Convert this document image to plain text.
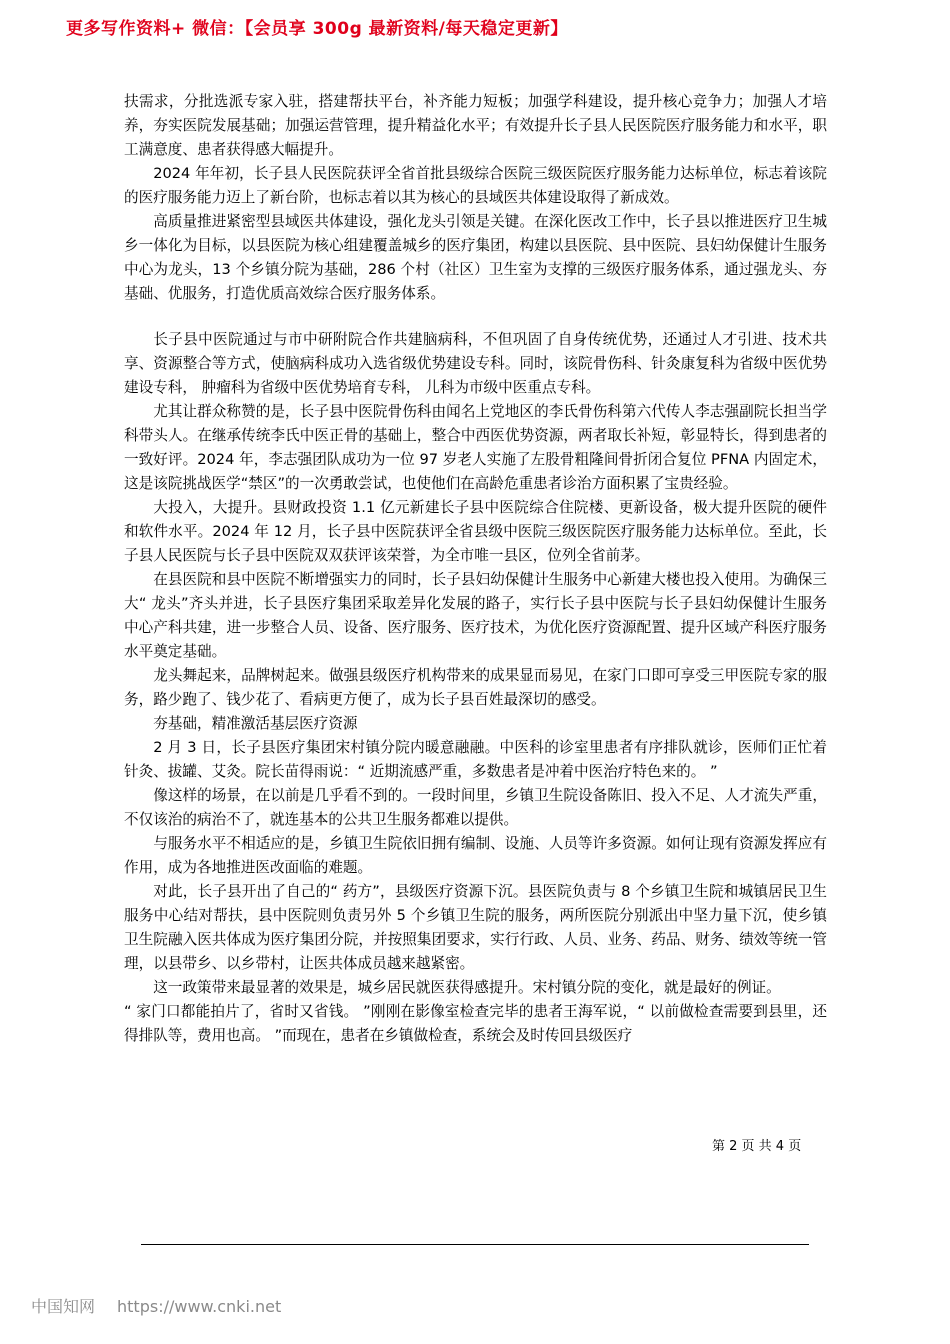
更多写作资料+ 微信：【会员享 300g 最新资料/每天稳定更新】

扶需求，分批选派专家入驻，搭建帮扶平台，补齐能力短板；加强学科建设，提升核心竞争力；加强人才培养，夯实医院发展基础；加强运营管理，提升精益化水平；有效提升长子县人民医院医疗服务能力和水平，职工满意度、患者获得感大幅提升。

2024 年年初，长子县人民医院获评全省首批县级综合医院三级医院医疗服务能力达标单位，标志着该院的医疗服务能力迈上了新台阶，也标志着以其为核心的县域医共体建设取得了新成效。

高质量推进紧密型县域医共体建设，强化龙头引领是关键。在深化医改工作中，长子县以推进医疗卫生城乡一体化为目标，以县医院为核心组建覆盖城乡的医疗集团，构建以县医院、县中医院、县妇幼保健计生服务中心为龙头，13 个乡镇分院为基础，286 个村（社区）卫生室为支撑的三级医疗服务体系，通过强龙头、夯基础、优服务，打造优质高效综合医疗服务体系。

长子县中医院通过与市中研附院合作共建脑病科，不但巩固了自身传统优势，还通过人才引进、技术共享、资源整合等方式，使脑病科成功入选省级优势建设专科。同时，该院骨伤科、针灸康复科为省级中医优势建设专科， 肿瘤科为省级中医优势培育专科， 儿科为市级中医重点专科。

尤其让群众称赞的是，长子县中医院骨伤科由闻名上党地区的李氏骨伤科第六代传人李志强副院长担当学科带头人。在继承传统李氏中医正骨的基础上，整合中西医优势资源，两者取长补短，彰显特长，得到患者的一致好评。2024 年，李志强团队成功为一位 97 岁老人实施了左股骨粗隆间骨折闭合复位 PFNA 内固定术，这是该院挑战医学“禁区”的一次勇敢尝试，也使他们在高龄危重患者诊治方面积累了宝贵经验。

大投入，大提升。县财政投资 1.1 亿元新建长子县中医院综合住院楼、更新设备，极大提升医院的硬件和软件水平。2024 年 12 月，长子县中医院获评全省县级中医院三级医院医疗服务能力达标单位。至此，长子县人民医院与长子县中医院双双获评该荣誉，为全市唯一县区，位列全省前茅。

在县医院和县中医院不断增强实力的同时，长子县妇幼保健计生服务中心新建大楼也投入使用。为确保三大“ 龙头”齐头并进，长子县医疗集团采取差异化发展的路子，实行长子县中医院与长子县妇幼保健计生服务中心产科共建，进一步整合人员、设备、医疗服务、医疗技术，为优化医疗资源配置、提升区域产科医疗服务水平奠定基础。

龙头舞起来，品牌树起来。做强县级医疗机构带来的成果显而易见，在家门口即可享受三甲医院专家的服务，路少跑了、钱少花了、看病更方便了，成为长子县百姓最深切的感受。

夯基础，精准激活基层医疗资源

2 月 3 日，长子县医疗集团宋村镇分院内暖意融融。中医科的诊室里患者有序排队就诊，医师们正忙着针灸、拔罐、艾灸。院长苗得雨说：“ 近期流感严重，多数患者是冲着中医治疗特色来的。 ”

像这样的场景，在以前是几乎看不到的。一段时间里，乡镇卫生院设备陈旧、投入不足、人才流失严重，不仅该治的病治不了，就连基本的公共卫生服务都难以提供。

与服务水平不相适应的是，乡镇卫生院依旧拥有编制、设施、人员等许多资源。如何让现有资源发挥应有作用，成为各地推进医改面临的难题。

对此，长子县开出了自己的“ 药方”，县级医疗资源下沉。县医院负责与 8 个乡镇卫生院和城镇居民卫生服务中心结对帮扶，县中医院则负责另外 5 个乡镇卫生院的服务，两所医院分别派出中坚力量下沉，使乡镇卫生院融入医共体成为医疗集团分院，并按照集团要求，实行行政、人员、业务、药品、财务、绩效等统一管理，以县带乡、以乡带村，让医共体成员越来越紧密。

这一政策带来最显著的效果是，城乡居民就医获得感提升。宋村镇分院的变化，就是最好的例证。

“ 家门口都能拍片了，省时又省钱。 ”刚刚在影像室检查完毕的患者王海军说，“ 以前做检查需要到县里，还得排队等，费用也高。 ”而现在，患者在乡镇做检查，系统会及时传回县级医疗

第 2 页 共 4 页
中国知网 https://www.cnki.net
